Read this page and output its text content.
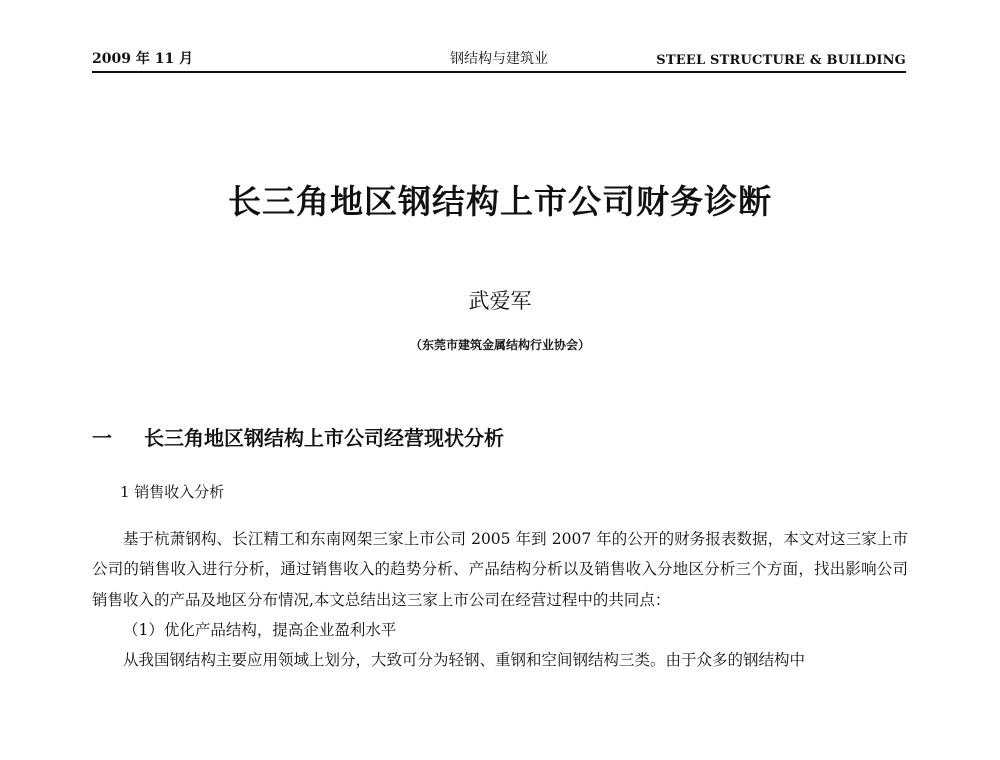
2009 年 11 月	钢结构与建筑业	STEEL STRUCTURE & BUILDING
长三角地区钢结构上市公司财务诊断
武爱军
（东莞市建筑金属结构行业协会）
一 长三角地区钢结构上市公司经营现状分析
1 销售收入分析

基于杭萧钢构、长江精工和东南网架三家上市公司 2005 年到 2007 年的公开的财务报表数据，本文对这三家上市公司的销售收入进行分析，通过销售收入的趋势分析、产品结构分析以及销售收入分地区分析三个方面，找出影响公司销售收入的产品及地区分布情况,本文总结出这三家上市公司在经营过程中的共同点：

（1）优化产品结构，提高企业盈利水平

从我国钢结构主要应用领域上划分，大致可分为轻钢、重钢和空间钢结构三类。由于众多的钢结构中
